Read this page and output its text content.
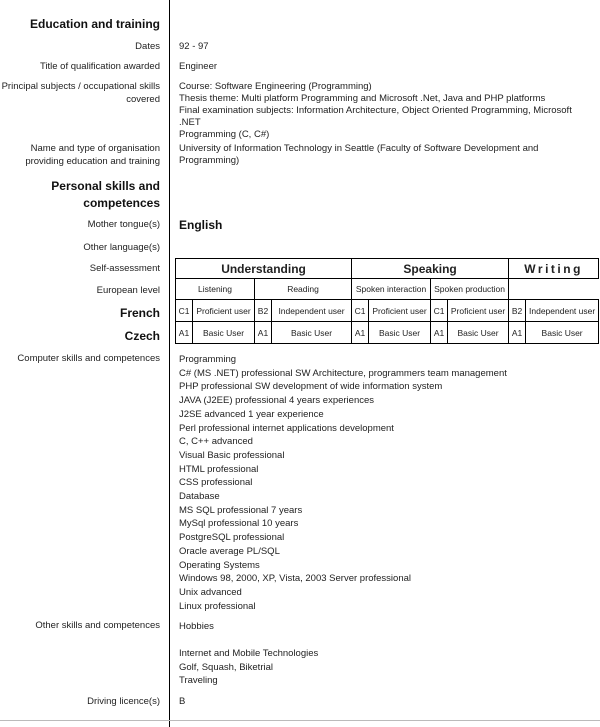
Education and training
Dates 92 - 97
Title of qualification awarded Engineer
Principal subjects / occupational skills
covered
Course: Software Engineering (Programming)
Thesis theme: Multi platform Programming and Microsoft .Net, Java and PHP platforms
Final examination subjects: Information Architecture, Object Oriented Programming, Microsoft .NET
Programming (C, C#)
Name and type of organisation
providing education and training
University of Information Technology in Seattle (Faculty of Software Development and Programming)
Personal skills and
competences
Mother tongue(s) English
Other language(s)
Self-assessment
European level
French
Czech
Understanding				Speaking				Writing	
Listening		Reading		Spoken interaction		Spoken production			
C1	Proficient user	B2	Independent user	C1	Proficient user	C1	Proficient user	B2	Independent user
A1	Basic User	A1	Basic User	A1	Basic User	A1	Basic User	A1	Basic User
Computer skills and competences Programming
C# (MS .NET) professional SW Architecture, programmers team management
PHP professional SW development of wide information system
JAVA (J2EE) professional 4 years experiences
J2SE advanced 1 year experience
Perl professional internet applications development
C, C++ advanced
Visual Basic professional
HTML professional
CSS professional
Database
MS SQL professional 7 years
MySql professional 10 years
PostgreSQL professional
Oracle average PL/SQL
Operating Systems
Windows 98, 2000, XP, Vista, 2003 Server professional
Unix advanced
Linux professional
Other skills and competences Hobbies
Internet and Mobile Technologies
Golf, Squash, Biketrial
Traveling
Driving licence(s) B
